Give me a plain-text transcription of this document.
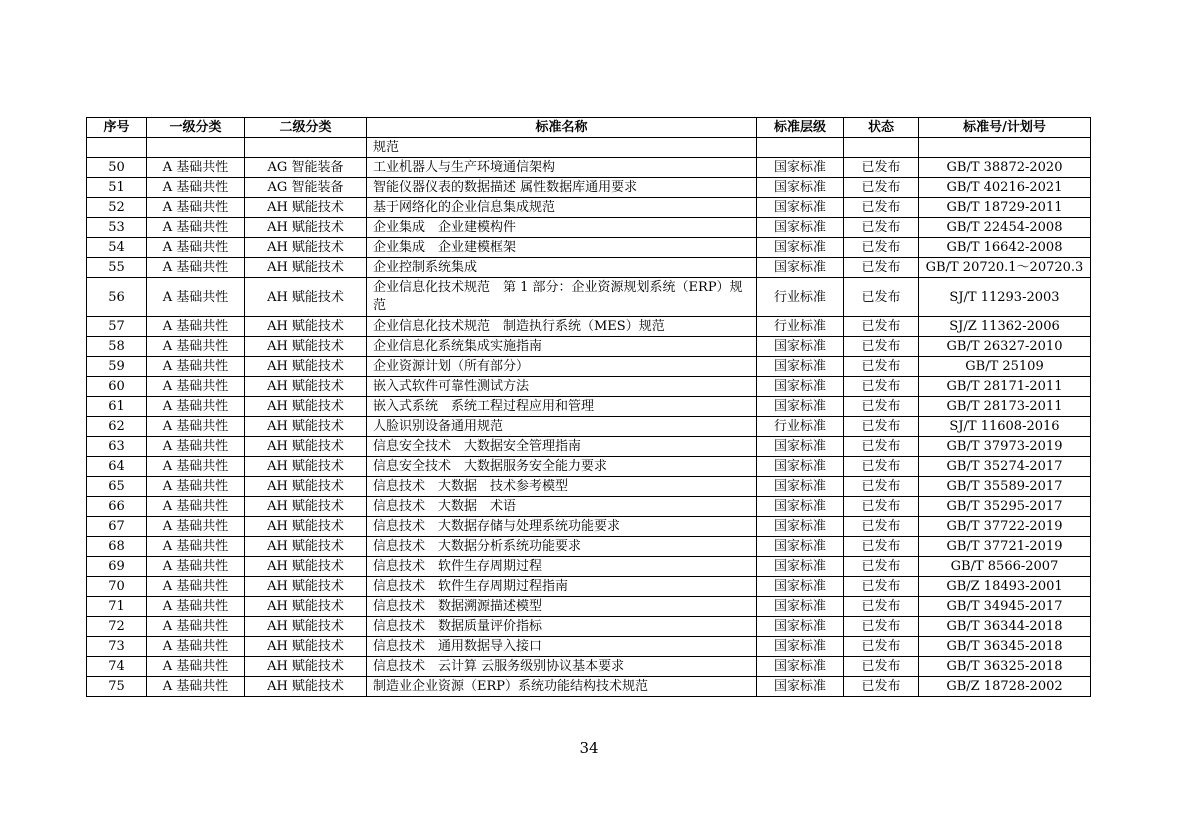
序号	一级分类	二级分类	标准名称	标准层级	状态	标准号/计划号
			规范			
50	A 基础共性	AG 智能装备	工业机器人与生产环境通信架构	国家标准	已发布	GB/T 38872-2020
51	A 基础共性	AG 智能装备	智能仪器仪表的数据描述 属性数据库通用要求	国家标准	已发布	GB/T 40216-2021
52	A 基础共性	AH 赋能技术	基于网络化的企业信息集成规范	国家标准	已发布	GB/T 18729-2011
53	A 基础共性	AH 赋能技术	企业集成　企业建模构件	国家标准	已发布	GB/T 22454-2008
54	A 基础共性	AH 赋能技术	企业集成　企业建模框架	国家标准	已发布	GB/T 16642-2008
55	A 基础共性	AH 赋能技术	企业控制系统集成	国家标准	已发布	GB/T 20720.1～20720.3
56	A 基础共性	AH 赋能技术	企业信息化技术规范　第 1 部分：企业资源规划系统（ERP）规范	行业标准	已发布	SJ/T 11293-2003
57	A 基础共性	AH 赋能技术	企业信息化技术规范　制造执行系统（MES）规范	行业标准	已发布	SJ/Z 11362-2006
58	A 基础共性	AH 赋能技术	企业信息化系统集成实施指南	国家标准	已发布	GB/T 26327-2010
59	A 基础共性	AH 赋能技术	企业资源计划（所有部分）	国家标准	已发布	GB/T 25109
60	A 基础共性	AH 赋能技术	嵌入式软件可靠性测试方法	国家标准	已发布	GB/T 28171-2011
61	A 基础共性	AH 赋能技术	嵌入式系统　系统工程过程应用和管理	国家标准	已发布	GB/T 28173-2011
62	A 基础共性	AH 赋能技术	人脸识别设备通用规范	行业标准	已发布	SJ/T 11608-2016
63	A 基础共性	AH 赋能技术	信息安全技术　大数据安全管理指南	国家标准	已发布	GB/T 37973-2019
64	A 基础共性	AH 赋能技术	信息安全技术　大数据服务安全能力要求	国家标准	已发布	GB/T 35274-2017
65	A 基础共性	AH 赋能技术	信息技术　大数据　技术参考模型	国家标准	已发布	GB/T 35589-2017
66	A 基础共性	AH 赋能技术	信息技术　大数据　术语	国家标准	已发布	GB/T 35295-2017
67	A 基础共性	AH 赋能技术	信息技术　大数据存储与处理系统功能要求	国家标准	已发布	GB/T 37722-2019
68	A 基础共性	AH 赋能技术	信息技术　大数据分析系统功能要求	国家标准	已发布	GB/T 37721-2019
69	A 基础共性	AH 赋能技术	信息技术　软件生存周期过程	国家标准	已发布	GB/T 8566-2007
70	A 基础共性	AH 赋能技术	信息技术　软件生存周期过程指南	国家标准	已发布	GB/Z 18493-2001
71	A 基础共性	AH 赋能技术	信息技术　数据溯源描述模型	国家标准	已发布	GB/T 34945-2017
72	A 基础共性	AH 赋能技术	信息技术　数据质量评价指标	国家标准	已发布	GB/T 36344-2018
73	A 基础共性	AH 赋能技术	信息技术　通用数据导入接口	国家标准	已发布	GB/T 36345-2018
74	A 基础共性	AH 赋能技术	信息技术　云计算 云服务级别协议基本要求	国家标准	已发布	GB/T 36325-2018
75	A 基础共性	AH 赋能技术	制造业企业资源（ERP）系统功能结构技术规范	国家标准	已发布	GB/Z 18728-2002
34
